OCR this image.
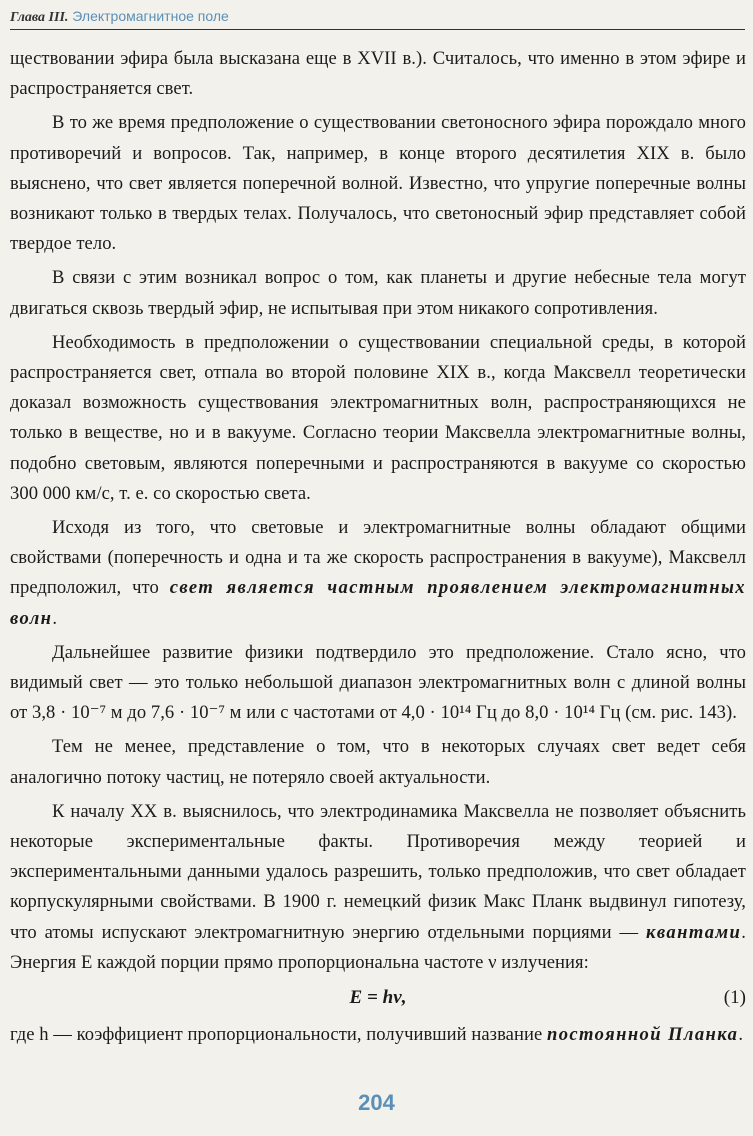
Глава III. Электромагнитное поле

ществовании эфира была высказана еще в XVII в.). Считалось, что именно в этом эфире и распространяется свет.

В то же время предположение о существовании светоносного эфира порождало много противоречий и вопросов. Так, например, в конце второго десятилетия XIX в. было выяснено, что свет является поперечной волной. Известно, что упругие поперечные волны возникают только в твердых телах. Получалось, что светоносный эфир представляет собой твердое тело.

В связи с этим возникал вопрос о том, как планеты и другие небесные тела могут двигаться сквозь твердый эфир, не испытывая при этом никакого сопротивления.

Необходимость в предположении о существовании специальной среды, в которой распространяется свет, отпала во второй половине XIX в., когда Максвелл теоретически доказал возможность существования электромагнитных волн, распространяющихся не только в веществе, но и в вакууме. Согласно теории Максвелла электромагнитные волны, подобно световым, являются поперечными и распространяются в вакууме со скоростью 300 000 км/с, т. е. со скоростью света.

Исходя из того, что световые и электромагнитные волны обладают общими свойствами (поперечность и одна и та же скорость распространения в вакууме), Максвелл предположил, что свет является частным проявлением электромагнитных волн.

Дальнейшее развитие физики подтвердило это предположение. Стало ясно, что видимый свет — это только небольшой диапазон электромагнитных волн с длиной волны от 3,8 · 10⁻⁷ м до 7,6 · 10⁻⁷ м или с частотами от 4,0 · 10¹⁴ Гц до 8,0 · 10¹⁴ Гц (см. рис. 143).

Тем не менее, представление о том, что в некоторых случаях свет ведет себя аналогично потоку частиц, не потеряло своей актуальности.

К началу XX в. выяснилось, что электродинамика Максвелла не позволяет объяснить некоторые экспериментальные факты. Противоречия между теорией и экспериментальными данными удалось разрешить, только предположив, что свет обладает корпускулярными свойствами. В 1900 г. немецкий физик Макс Планк выдвинул гипотезу, что атомы испускают электромагнитную энергию отдельными порциями — квантами. Энергия E каждой порции прямо пропорциональна частоте ν излучения:

E = hν,	(1)

где h — коэффициент пропорциональности, получивший название постоянной Планка.

204
